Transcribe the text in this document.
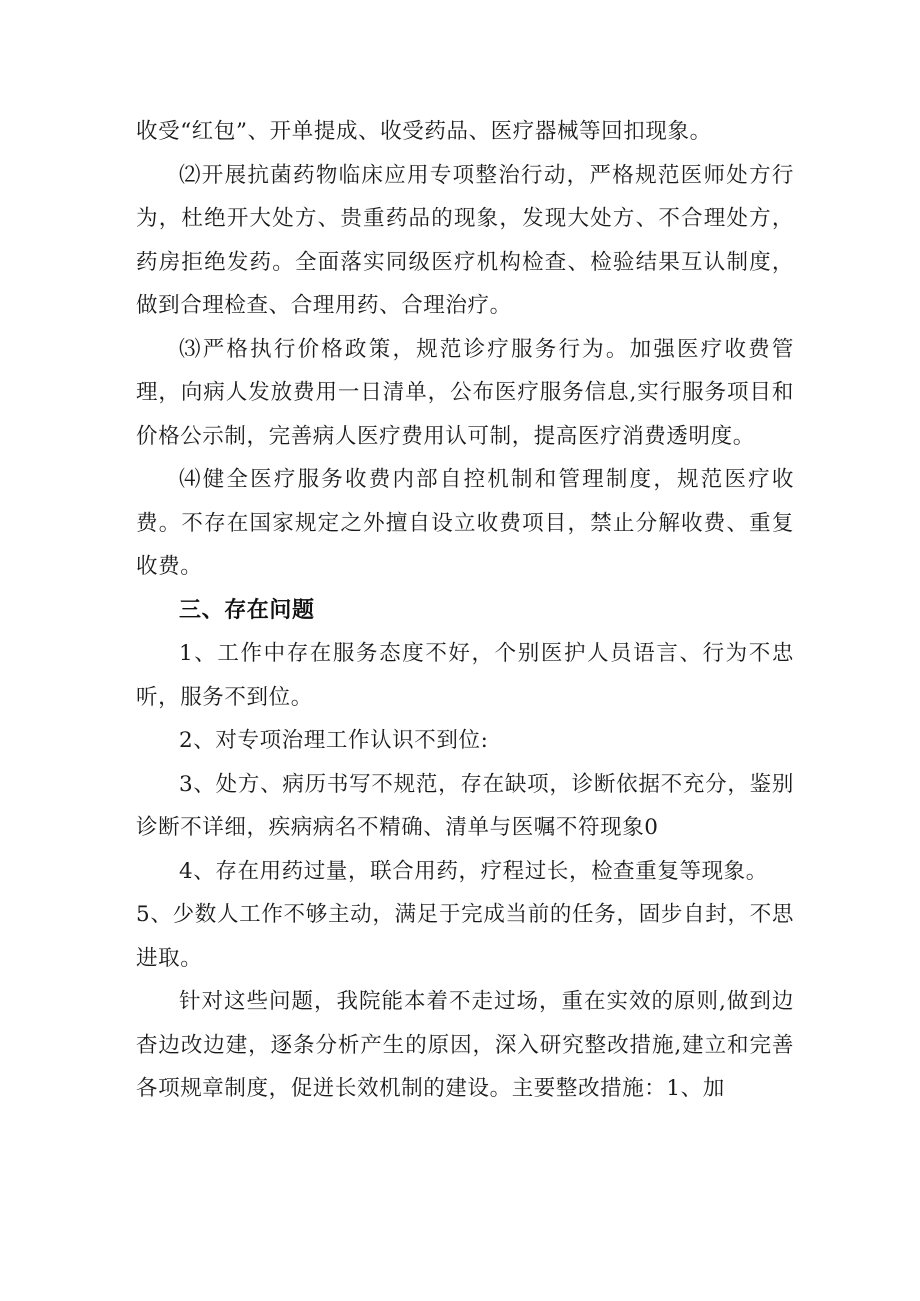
收受“红包”、开单提成、收受药品、医疗器械等回扣现象。

⑵开展抗菌药物临床应用专项整治行动，严格规范医师处方行为，杜绝开大处方、贵重药品的现象，发现大处方、不合理处方，药房拒绝发药。全面落实同级医疗机构检查、检验结果互认制度，做到合理检查、合理用药、合理治疗。

⑶严格执行价格政策，规范诊疗服务行为。加强医疗收费管理，向病人发放费用一日清单，公布医疗服务信息,实行服务项目和价格公示制，完善病人医疗费用认可制，提高医疗消费透明度。

⑷健全医疗服务收费内部自控机制和管理制度，规范医疗收费。不存在国家规定之外擅自设立收费项目，禁止分解收费、重复收费。

三、存在问题

1、工作中存在服务态度不好，个别医护人员语言、行为不忠听，服务不到位。

2、对专项治理工作认识不到位:

3、处方、病历书写不规范，存在缺项，诊断依据不充分，鉴别诊断不详细，疾病病名不精确、清单与医嘱不符现象0

4、存在用药过量，联合用药，疗程过长，检查重复等现象。

5、少数人工作不够主动，满足于完成当前的任务，固步自封，不思进取。

针对这些问题，我院能本着不走过场，重在实效的原则,做到边杳边改边建，逐条分析产生的原因，深入研究整改措施,建立和完善各项规章制度，促迸长效机制的建设。主要整改措施：1、加
